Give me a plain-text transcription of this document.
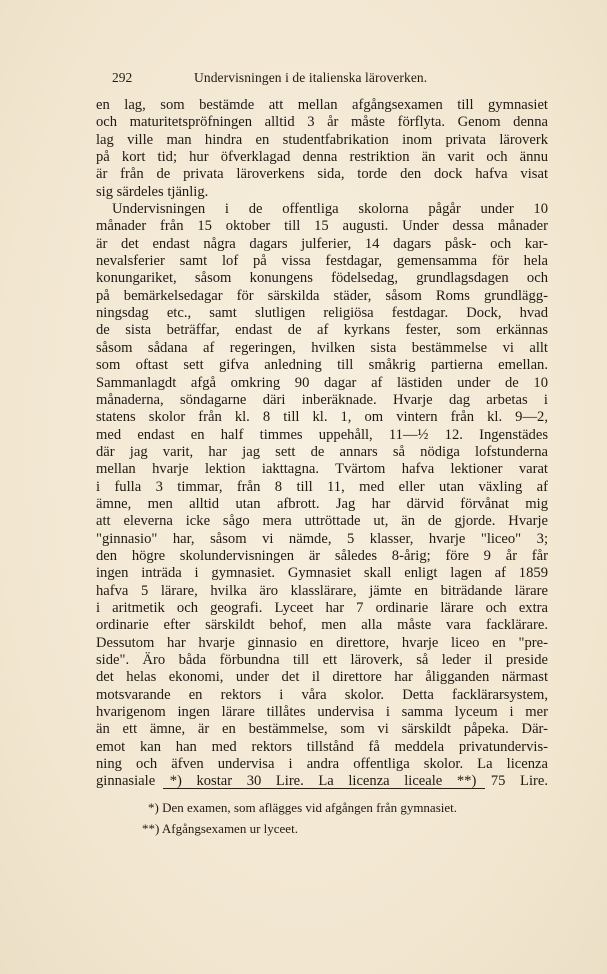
292	Undervisningen i de italienska läroverken.
en lag, som bestämde att mellan afgångsexamen till gymnasiet
och maturitetspröfningen alltid 3 år måste förflyta. Genom denna
lag ville man hindra en studentfabrikation inom privata läroverk
på kort tid; hur öfverklagad denna restriktion än varit och ännu
är från de privata läroverkens sida, torde den dock hafva visat
sig särdeles tjänlig.
Undervisningen i de offentliga skolorna pågår under 10
månader från 15 oktober till 15 augusti. Under dessa månader
är det endast några dagars julferier, 14 dagars påsk- och kar-
nevalsferier samt lof på vissa festdagar, gemensamma för hela
konungariket, såsom konungens födelsedag, grundlagsdagen och
på bemärkelsedagar för särskilda städer, såsom Roms grundlägg-
ningsdag etc., samt slutligen religiösa festdagar. Dock, hvad
de sista beträffar, endast de af kyrkans fester, som erkännas
såsom sådana af regeringen, hvilken sista bestämmelse vi allt
som oftast sett gifva anledning till småkrig partierna emellan.
Sammanlagdt afgå omkring 90 dagar af lästiden under de 10
månaderna, söndagarne däri inberäknade. Hvarje dag arbetas i
statens skolor från kl. 8 till kl. 1, om vintern från kl. 9—2,
med endast en half timmes uppehåll, 11—½ 12. Ingenstädes
där jag varit, har jag sett de annars så nödiga lofstunderna
mellan hvarje lektion iakttagna. Tvärtom hafva lektioner varat
i fulla 3 timmar, från 8 till 11, med eller utan växling af
ämne, men alltid utan afbrott. Jag har därvid förvånat mig
att eleverna icke sågo mera uttröttade ut, än de gjorde. Hvarje
"ginnasio" har, såsom vi nämde, 5 klasser, hvarje "liceo" 3;
den högre skolundervisningen är således 8-årig; före 9 år får
ingen inträda i gymnasiet. Gymnasiet skall enligt lagen af 1859
hafva 5 lärare, hvilka äro klasslärare, jämte en biträdande lärare
i aritmetik och geografi. Lyceet har 7 ordinarie lärare och extra
ordinarie efter särskildt behof, men alla måste vara facklärare.
Dessutom har hvarje ginnasio en direttore, hvarje liceo en "pre-
side". Äro båda förbundna till ett läroverk, så leder il preside
det helas ekonomi, under det il direttore har åligganden närmast
motsvarande en rektors i våra skolor. Detta facklärarsystem,
hvarigenom ingen lärare tillåtes undervisa i samma lyceum i mer
än ett ämne, är en bestämmelse, som vi särskildt påpeka. Där-
emot kan han med rektors tillstånd få meddela privatundervis-
ning och äfven undervisa i andra offentliga skolor. La licenza
ginnasiale *) kostar 30 Lire. La licenza liceale **) 75 Lire.
*) Den examen, som aflägges vid afgången från gymnasiet.
**) Afgångsexamen ur lyceet.
